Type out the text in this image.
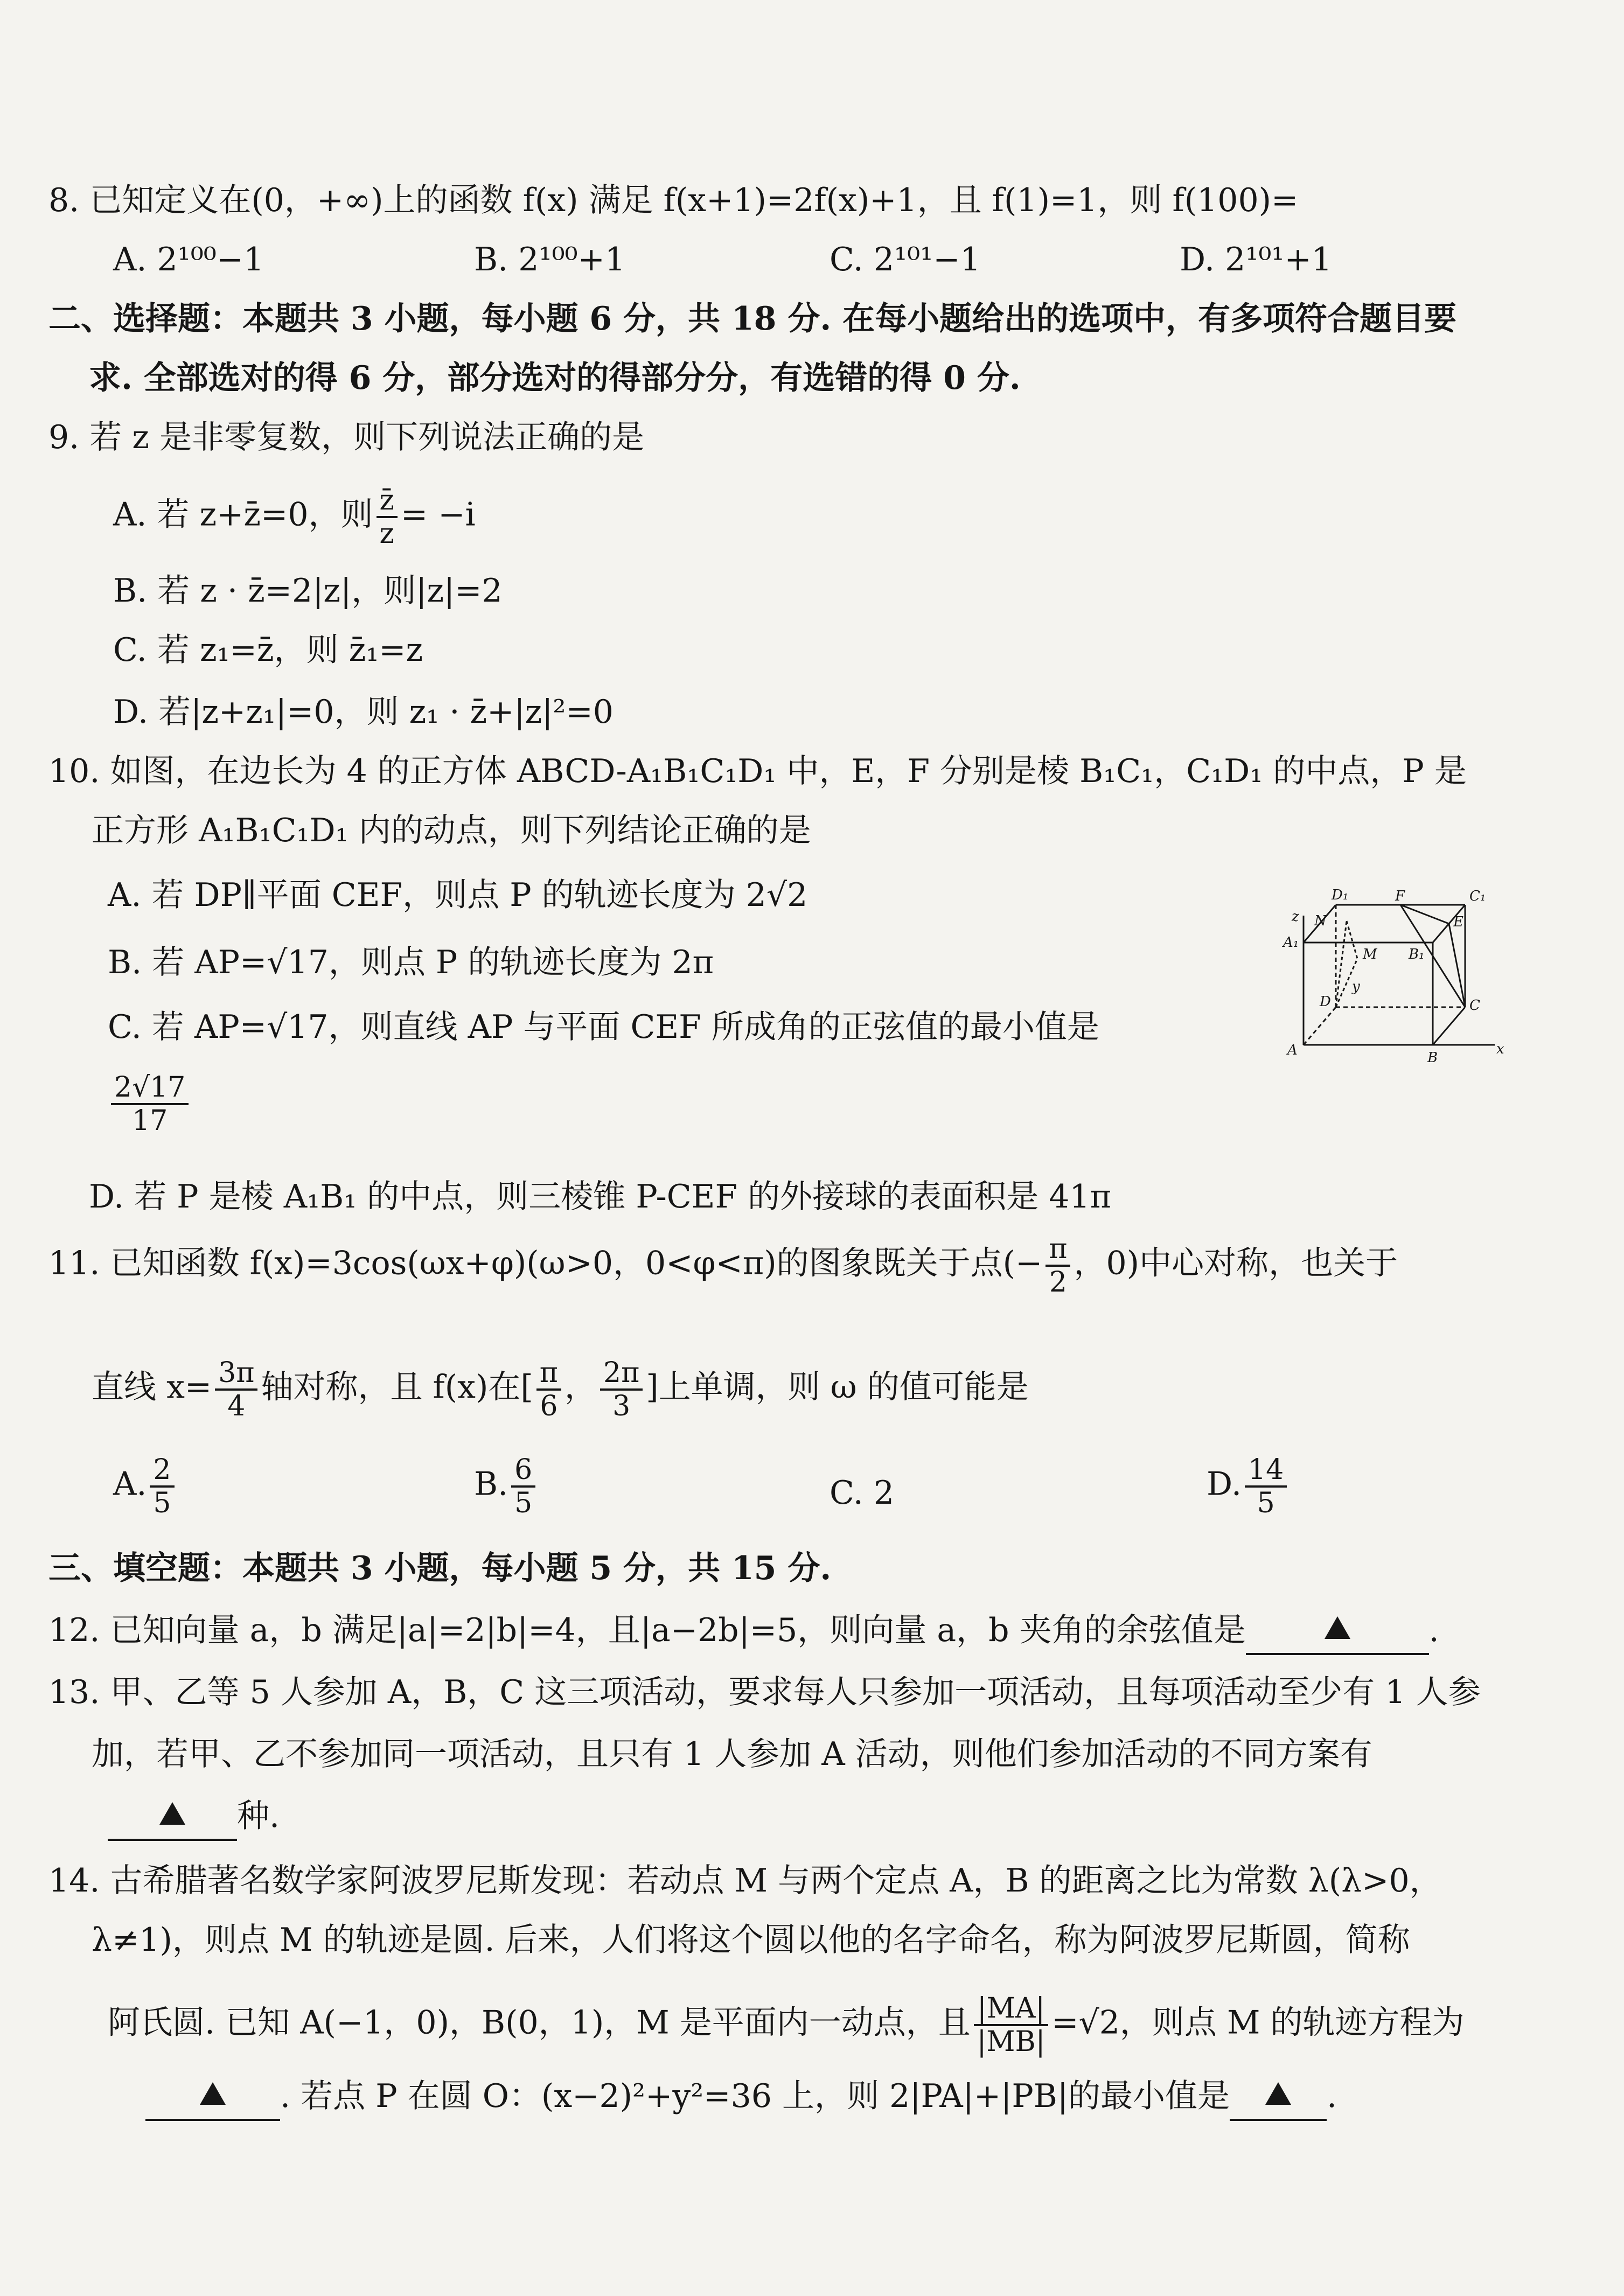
8. 已知定义在(0，+∞)上的函数 f(x) 满足 f(x+1)=2f(x)+1，且 f(1)=1，则 f(100)=
A. 2¹⁰⁰−1	B. 2¹⁰⁰+1	C. 2¹⁰¹−1	D. 2¹⁰¹+1
二、选择题：本题共 3 小题，每小题 6 分，共 18 分. 在每小题给出的选项中，有多项符合题目要
求. 全部选对的得 6 分，部分选对的得部分分，有选错的得 0 分.
9. 若 z 是非零复数，则下列说法正确的是
A. 若 z+z̄=0，则 $\frac{z̄}{z} = -i$
B. 若 z · z̄=2|z|，则|z|=2
C. 若 z₁=z̄，则 z̄₁=z
D. 若|z+z₁|=0，则 z₁ · z̄+|z|²=0
10. 如图，在边长为 4 的正方体 ABCD-A₁B₁C₁D₁ 中，E，F 分别是棱 B₁C₁，C₁D₁ 的中点，P 是
正方形 A₁B₁C₁D₁ 内的动点，则下列结论正确的是
A. 若 DP∥平面 CEF，则点 P 的轨迹长度为 2√2
B. 若 AP=√17，则点 P 的轨迹长度为 2π
C. 若 AP=√17，则直线 AP 与平面 CEF 所成角的正弦值的最小值是
$\frac{2√17}{17}$
D. 若 P 是棱 A₁B₁ 的中点，则三棱锥 P-CEF 的外接球的表面积是 41π
D₁	F	C₁
z N	E
A₁
M B₁
D
y
C
A	B
x
11. 已知函数 f(x)=3cos(ωx+φ)(ω>0，0<φ<π)的图象既关于点(− $\frac{\pi}{2}$ ，0)中心对称，也关于
直线 $x= \frac{3\pi}{4}$ 轴对称，且 f(x)在[ $\frac{\pi}{6}$ ， $\frac{2\pi}{3}$ ]上单调，则 ω 的值可能是
A. $\frac{2}{5}$	B. $\frac{6}{5}$	C. 2	D. $\frac{14}{5}$
三、填空题：本题共 3 小题，每小题 5 分，共 15 分.
12. 已知向量 a，b 满足|a|=2|b|=4，且|a−2b|=5，则向量 a，b 夹角的余弦值是	.
13. 甲、乙等 5 人参加 A，B，C 这三项活动，要求每人只参加一项活动，且每项活动至少有 1 人参
加，若甲、乙不参加同一项活动，且只有 1 人参加 A 活动，则他们参加活动的不同方案有
种.
14. 古希腊著名数学家阿波罗尼斯发现：若动点 M 与两个定点 A，B 的距离之比为常数 λ(λ>0，
λ≠1)，则点 M 的轨迹是圆. 后来，人们将这个圆以他的名字命名，称为阿波罗尼斯圆，简称
阿氏圆. 已知 A(−1，0)，B(0，1)，M 是平面内一动点，且 $\frac{|MA|}{|MB|} =√2$，则点 M 的轨迹方程为
. 若点 P 在圆 O：(x−2)²+y²=36 上，则 2|PA|+|PB|的最小值是	.
